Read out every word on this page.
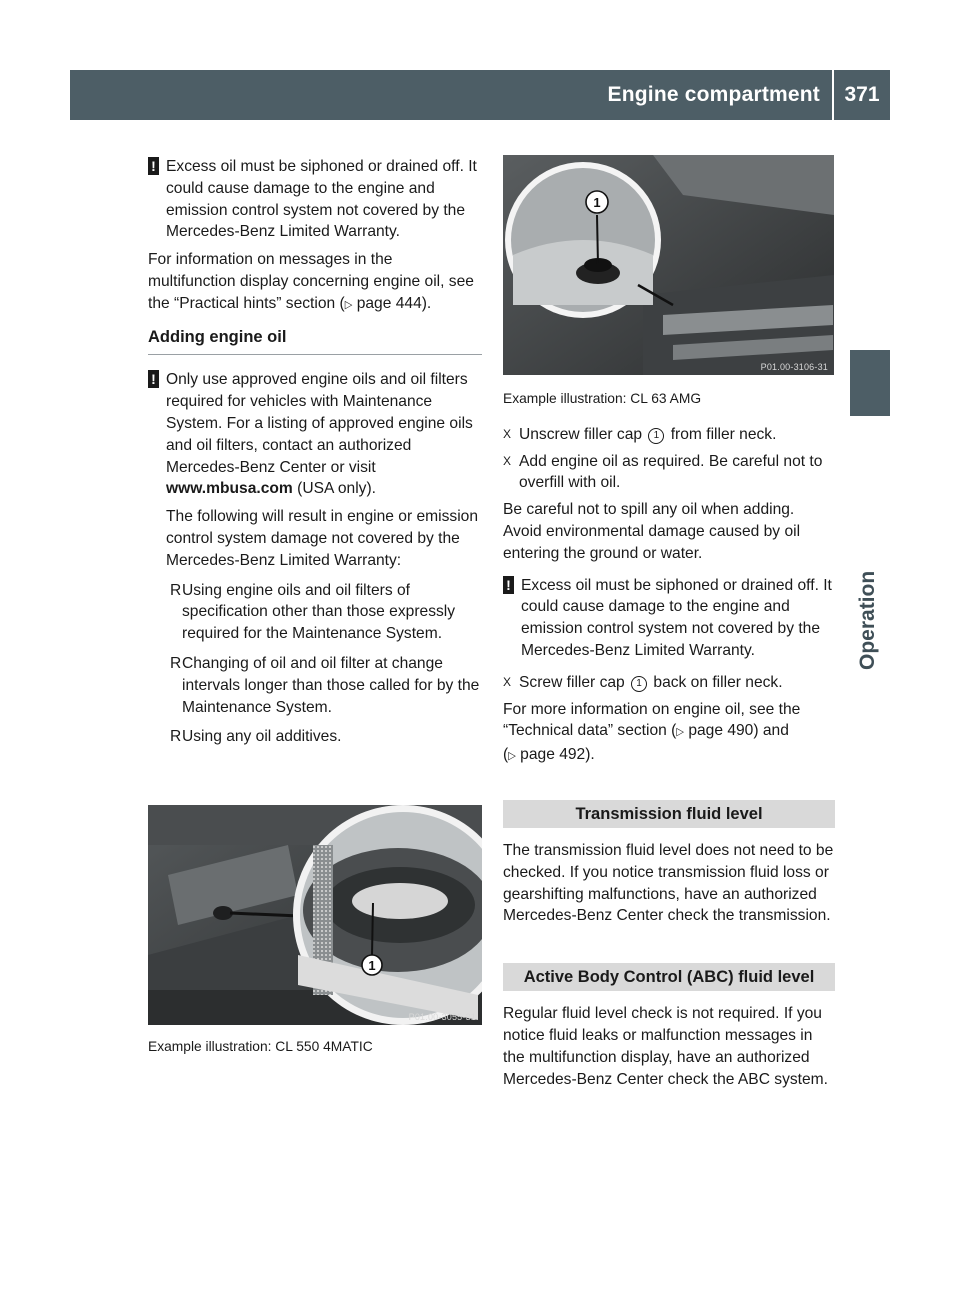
Engine compartment	371
Operation
! Excess oil must be siphoned or drained off. It could cause damage to the engine and emission control system not covered by the Mercedes-Benz Limited Warranty.

For information on messages in the multifunction display concerning engine oil, see the “Practical hints” section (▷ page 444).

Adding engine oil
! Only use approved engine oils and oil filters required for vehicles with Maintenance System. For a listing of approved engine oils and oil filters, contact an authorized Mercedes-Benz Center or visit www.mbusa.com (USA only).

The following will result in engine or emission control system damage not covered by the Mercedes-Benz Limited Warranty:

R Using engine oils and oil filters of specification other than those expressly required for the Maintenance System.
R Changing of oil and oil filter at change intervals longer than those called for by the Maintenance System.
R Using any oil additives.
1
P01.00-3055-31

Example illustration: CL 550 4MATIC

1
P01.00-3106-31

Example illustration: CL 63 AMG

X Unscrew filler cap 1 from filler neck.
X Add engine oil as required. Be careful not to overfill with oil.

Be careful not to spill any oil when adding. Avoid environmental damage caused by oil entering the ground or water.

! Excess oil must be siphoned or drained off. It could cause damage to the engine and emission control system not covered by the Mercedes-Benz Limited Warranty.
X Screw filler cap 1 back on filler neck.

For more information on engine oil, see the “Technical data” section (▷ page 490) and
(▷ page 492).

Transmission fluid level

The transmission fluid level does not need to be checked. If you notice transmission fluid loss or gearshifting malfunctions, have an authorized Mercedes-Benz Center check the transmission.

Active Body Control (ABC) fluid level

Regular fluid level check is not required. If you notice fluid leaks or malfunction messages in the multifunction display, have an authorized Mercedes-Benz Center check the ABC system.
